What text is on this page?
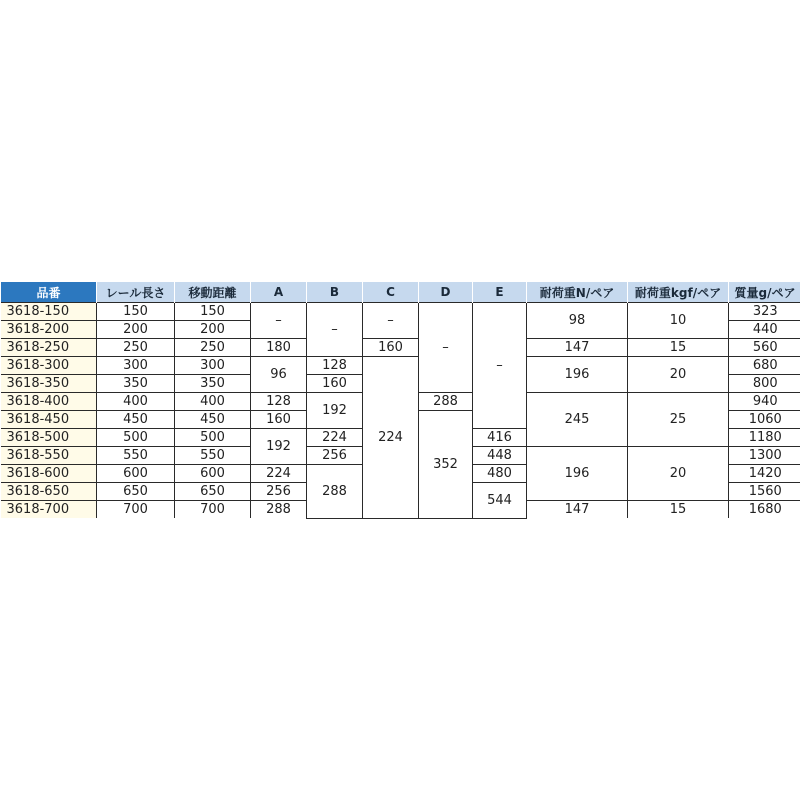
品番	レール長さ	移動距離	A	B	C	D	E	耐荷重N/ペア	耐荷重kgf/ペア	質量g/ペア
3618-150	150	150	–	–	–	–	–	98	10	323
3618-200	200	200								440
3618-250	250	250	180		160			147	15	560
3618-300	300	300	96	128	224			196	20	680
3618-350	350	350		160						800
3618-400	400	400	128	192		288		245	25	940
3618-450	450	450	160			352				1060
3618-500	500	500	192	224			416			1180
3618-550	550	550		256			448	196	20	1300
3618-600	600	600	224	288			480			1420
3618-650	650	650	256				544			1560
3618-700	700	700	288					147	15	1680
